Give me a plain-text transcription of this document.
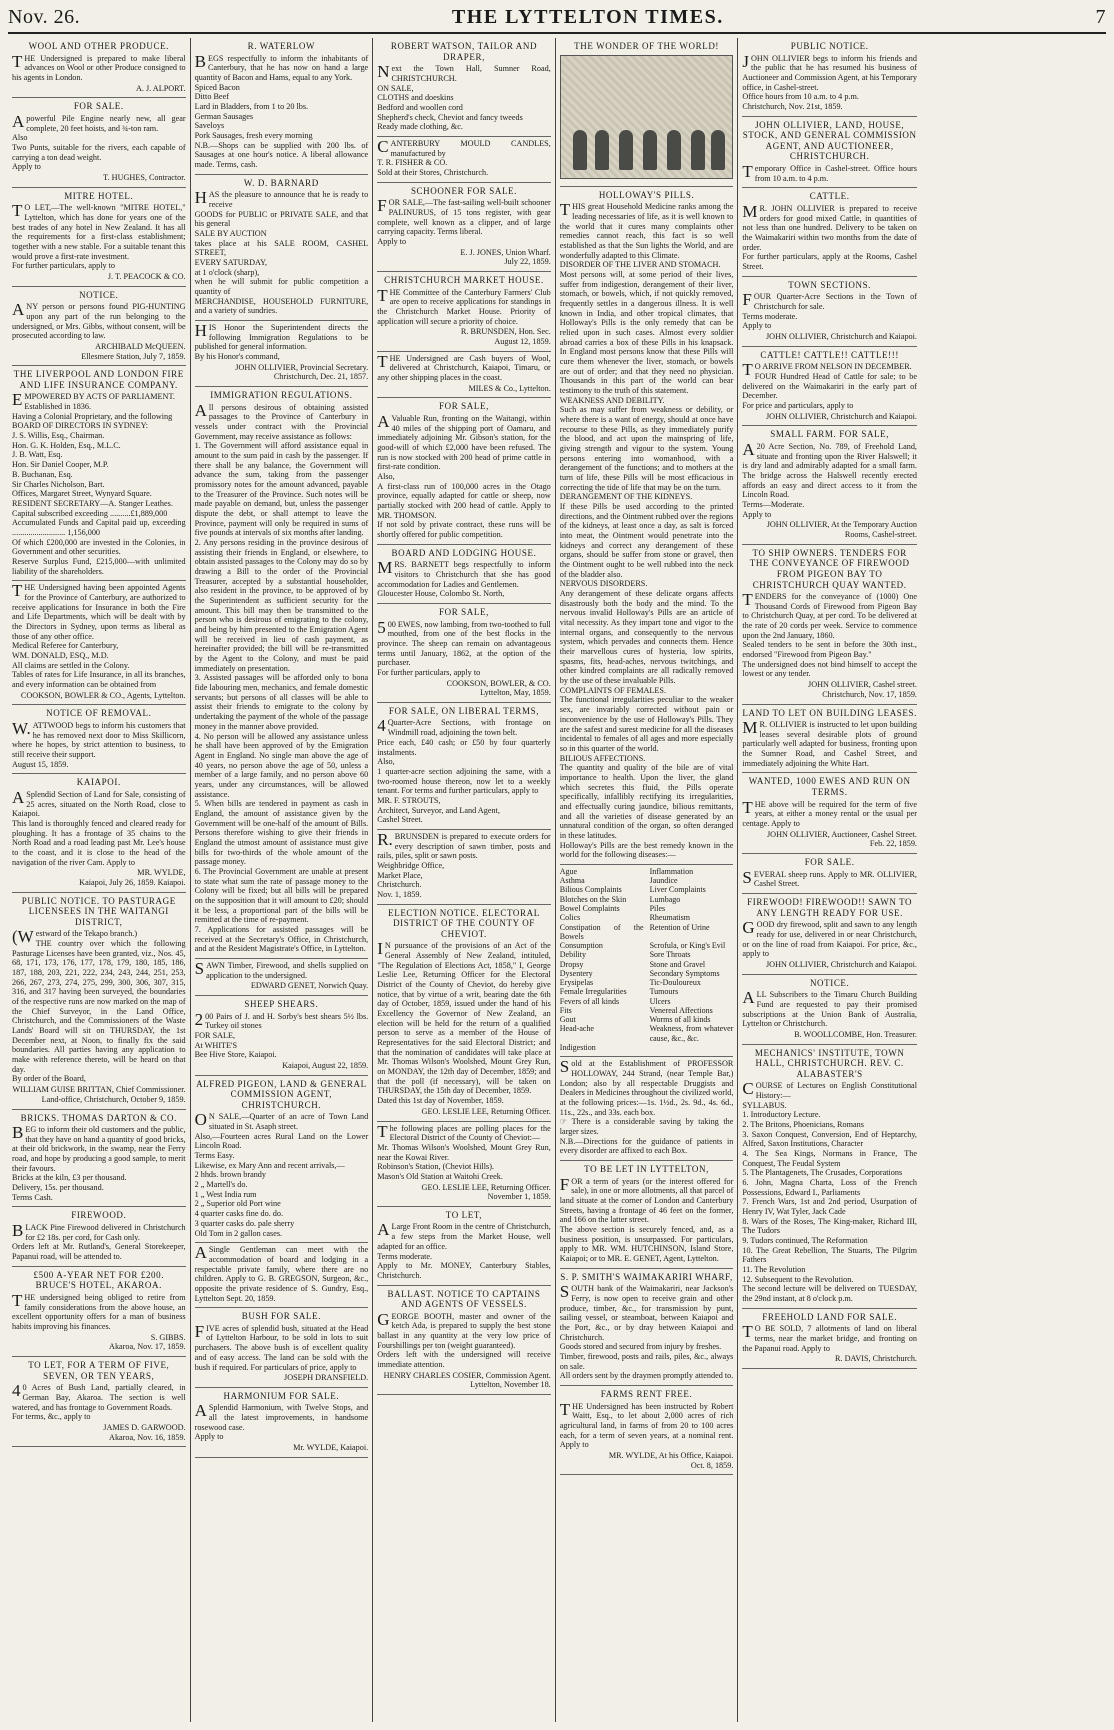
Nov. 26.	THE LYTTELTON TIMES.	7
WOOL AND OTHER PRODUCE.

THE Undersigned is prepared to make liberal advances on Wool or other Produce consigned to his agents in London.

A. J. ALPORT.

FOR SALE.

Apowerful Pile Engine nearly new, all gear complete, 20 feet hoists, and ¾-ton ram.
Also
Two Punts, suitable for the rivers, each capable of carrying a ton dead weight.
Apply to

T. HUGHES, Contractor.

MITRE HOTEL.

TO LET,—The well-known "MITRE HOTEL," Lyttelton, which has done for years one of the best trades of any hotel in New Zealand. It has all the requirements for a first-class establishment; together with a new stable. For a suitable tenant this would prove a first-rate investment.
For further particulars, apply to

J. T. PEACOCK & CO.

NOTICE.

ANY person or persons found PIG-HUNTING upon any part of the run belonging to the undersigned, or Mrs. Gibbs, without consent, will be prosecuted according to law.

ARCHIBALD McQUEEN.
Ellesmere Station, July 7, 1859.

THE LIVERPOOL AND LONDON FIRE AND LIFE INSURANCE COMPANY.

EMPOWERED BY ACTS OF PARLIAMENT.
Established in 1836.
Having a Colonial Proprietary, and the following
BOARD OF DIRECTORS IN SYDNEY:
J. S. Willis, Esq., Chairman.
Hon. G. K. Holden, Esq., M.L.C.
J. B. Watt, Esq.
Hon. Sir Daniel Cooper, M.P.
B. Buchanan, Esq.
Sir Charles Nicholson, Bart.
Offices, Margaret Street, Wynyard Square.
RESIDENT SECRETARY—A. Stanger Leathes.
Capital subscribed exceeding ..........£1,889,000
Accumulated Funds and Capital paid up, exceeding .......................... 1,156,000
Of which £200,000 are invested in the Colonies, in Government and other securities.
Reserve Surplus Fund, £215,000—with unlimited liability of the shareholders.

THE Undersigned having been appointed Agents for the Province of Canterbury, are authorized to receive applications for Insurance in both the Fire and Life Departments, which will be dealt with by the Directors in Sydney, upon terms as liberal as those of any other office.
Medical Referee for Canterbury,
WM. DONALD, ESQ., M.D.
All claims are settled in the Colony.
Tables of rates for Life Insurance, in all its branches, and every information can be obtained from

COOKSON, BOWLER & CO., Agents, Lyttelton.

NOTICE OF REMOVAL.

W.ATTWOOD begs to inform his customers that he has removed next door to Miss Skillicorn, where he hopes, by strict attention to business, to still receive their support.
August 15, 1859.

KAIAPOI.

ASplendid Section of Land for Sale, consisting of 25 acres, situated on the North Road, close to Kaiapoi.
This land is thoroughly fenced and cleared ready for ploughing. It has a frontage of 35 chains to the North Road and a road leading past Mr. Lee's house to the coast, and it is close to the head of the navigation of the river Cam. Apply to

MR. WYLDE,
Kaiapoi, July 26, 1859. Kaiapoi.

PUBLIC NOTICE. TO PASTURAGE LICENSEES IN THE WAITANGI DISTRICT,

(Westward of the Tekapo branch.)
THE country over which the following Pasturage Licenses have been granted, viz., Nos. 45, 68, 171, 173, 176, 177, 178, 179, 180, 185, 186, 187, 188, 203, 221, 222, 234, 243, 244, 251, 253, 266, 267, 273, 274, 275, 299, 300, 306, 307, 315, 316, and 317 having been surveyed, the boundaries of the respective runs are now marked on the map of the Chief Surveyor, in the Land Office, Christchurch, and the Commissioners of the Waste Lands' Board will sit on THURSDAY, the 1st December next, at Noon, to finally fix the said boundaries. All parties having any application to make with reference thereto, will be heard on that day.
By order of the Board,

WILLIAM GUISE BRITTAN, Chief Commissioner.
Land-office, Christchurch, October 9, 1859.

BRICKS. THOMAS DARTON & CO.

BEG to inform their old customers and the public, that they have on hand a quantity of good bricks, at their old brickwork, in the swamp, near the Ferry road, and hope by producing a good sample, to merit their favours.
Bricks at the kiln, £3 per thousand.
Delivery, 15s. per thousand.
Terms Cash.

FIREWOOD.

BLACK Pine Firewood delivered in Christchurch for £2 18s. per cord, for Cash only.
Orders left at Mr. Rutland's, General Storekeeper, Papanui road, will be attended to.

£500 A-YEAR NET FOR £200. BRUCE'S HOTEL, AKAROA.

THE undersigned being obliged to retire from family considerations from the above house, an excellent opportunity offers for a man of business habits improving his finances.

S. GIBBS.
Akaroa, Nov. 17, 1859.

TO LET, FOR A TERM OF FIVE, SEVEN, OR TEN YEARS,

40 Acres of Bush Land, partially cleared, in German Bay, Akaroa. The section is well watered, and has frontage to Government Roads.
For terms, &c., apply to

JAMES D. GARWOOD.
Akaroa, Nov. 16, 1859.

R. WATERLOW

BEGS respectfully to inform the inhabitants of Canterbury, that he has now on hand a large quantity of Bacon and Hams, equal to any York.
Spiced Bacon
Ditto Beef
Lard in Bladders, from 1 to 20 lbs.
German Sausages
Saveloys
Pork Sausages, fresh every morning
N.B.—Shops can be supplied with 200 lbs. of Sausages at one hour's notice. A liberal allowance made. Terms, cash.

W. D. BARNARD

HAS the pleasure to announce that he is ready to receive
GOODS for PUBLIC or PRIVATE SALE, and that his general
SALE BY AUCTION
takes place at his SALE ROOM, CASHEL STREET,
EVERY SATURDAY,
at 1 o'clock (sharp),
when he will submit for public competition a quantity of
MERCHANDISE, HOUSEHOLD FURNITURE, and a variety of sundries.

HIS Honor the Superintendent directs the following Immigration Regulations to be published for general information.
By his Honor's command,

JOHN OLLIVIER, Provincial Secretary.
Christchurch, Dec. 21, 1857.

IMMIGRATION REGULATIONS.

All persons desirous of obtaining assisted passages to the Province of Canterbury in vessels under contract with the Provincial Government, may receive assistance as follows:
1. The Government will afford assistance equal in amount to the sum paid in cash by the passenger. If there shall be any balance, the Government will advance the sum, taking from the passenger promissory notes for the amount advanced, payable to the Treasurer of the Province. Such notes will be made payable on demand, but, unless the passenger dispute the debt, or shall attempt to leave the Province, payment will only be required in sums of five pounds at intervals of six months after landing.
2. Any persons residing in the province desirous of assisting their friends in England, or elsewhere, to obtain assisted passages to the Colony may do so by drawing a Bill to the order of the Provincial Treasurer, accepted by a substantial householder, also resident in the province, to be approved of by the Superintendent as sufficient security for the amount. This bill may then be transmitted to the person who is desirous of emigrating to the colony, and being by him presented to the Emigration Agent will be received in lieu of cash payment, as hereinafter provided; the bill will be re-transmitted by the Agent to the Colony, and must be paid immediately on presentation.
3. Assisted passages will be afforded only to bona fide labouring men, mechanics, and female domestic servants; but persons of all classes will be able to assist their friends to emigrate to the colony by undertaking the payment of the whole of the passage money in the manner above provided.
4. No person will be allowed any assistance unless he shall have been approved of by the Emigration Agent in England. No single man above the age of 40 years, no person above the age of 50, unless a member of a large family, and no person above 60 years, under any circumstances, will be allowed assistance.
5. When bills are tendered in payment as cash in England, the amount of assistance given by the Government will be one-half of the amount of Bills. Persons therefore wishing to give their friends in England the utmost amount of assistance must give bills for two-thirds of the whole amount of the passage money.
6. The Provincial Government are unable at present to state what sum the rate of passage money to the Colony will be fixed; but all bills will be prepared on the supposition that it will amount to £20; should it be less, a proportional part of the bills will be remitted at the time of re-payment.
7. Applications for assisted passages will be received at the Secretary's Office, in Christchurch, and at the Resident Magistrate's Office, in Lyttelton.

SAWN Timber, Firewood, and shells supplied on application to the undersigned.

EDWARD GENET, Norwich Quay.

SHEEP SHEARS.

200 Pairs of J. and H. Sorby's best shears 5½ lbs. Turkey oil stones
FOR SALE,
At WHITE'S
Bee Hive Store, Kaiapoi.

Kaiapoi, August 22, 1859.

ALFRED PIGEON, LAND & GENERAL COMMISSION AGENT, CHRISTCHURCH.

ON SALE,—Quarter of an acre of Town Land situated in St. Asaph street.
Also,—Fourteen acres Rural Land on the Lower Lincoln Road.
Terms Easy.
Likewise, ex Mary Ann and recent arrivals,—
2 hhds. brown brandy
2 „ Martell's do.
1 „ West India rum
2 „ Superior old Port wine
4 quarter casks fine do. do.
3 quarter casks do. pale sherry
Old Tom in 2 gallon cases.

ASingle Gentleman can meet with the accommodation of board and lodging in a respectable private family, where there are no children. Apply to G. B. GREGSON, Surgeon, &c., opposite the private residence of S. Gundry, Esq., Lyttelton Sept. 20, 1859.

BUSH FOR SALE.

FIVE acres of splendid bush, situated at the Head of Lyttelton Harbour, to be sold in lots to suit purchasers. The above bush is of excellent quality and of easy access. The land can be sold with the bush if required. For particulars of price, apply to

JOSEPH DRANSFIELD.

HARMONIUM FOR SALE.

ASplendid Harmonium, with Twelve Stops, and all the latest improvements, in handsome rosewood case.
Apply to

Mr. WYLDE, Kaiapoi.

ROBERT WATSON, TAILOR AND DRAPER,

Next the Town Hall, Sumner Road, CHRISTCHURCH.
ON SALE,
CLOTHS and doeskins
Bedford and woollen cord
Shepherd's check, Cheviot and fancy tweeds
Ready made clothing, &c.

CANTERBURY MOULD CANDLES, manufactured by
T. R. FISHER & CO.
Sold at their Stores, Christchurch.

SCHOONER FOR SALE.

FOR SALE,—The fast-sailing well-built schooner PALINURUS, of 15 tons register, with gear complete, well known as a clipper, and of large carrying capacity. Terms liberal.
Apply to

E. J. JONES, Union Wharf.
July 22, 1859.

CHRISTCHURCH MARKET HOUSE.

THE Committee of the Canterbury Farmers' Club are open to receive applications for standings in the Christchurch Market House. Priority of application will secure a priority of choice.

R. BRUNSDEN, Hon. Sec.
August 12, 1859.

THE Undersigned are Cash buyers of Wool, delivered at Christchurch, Kaiapoi, Timaru, or any other shipping places in the coast.

MILES & Co., Lyttelton.

FOR SALE,

AValuable Run, fronting on the Waitangi, within 40 miles of the shipping port of Oamaru, and immediately adjoining Mr. Gibson's station, for the good-will of which £2,000 have been refused. The run is now stocked with 200 head of prime cattle in first-rate condition.
Also,
A first-class run of 100,000 acres in the Otago province, equally adapted for cattle or sheep, now partially stocked with 200 head of cattle. Apply to MR. THOMSON.
If not sold by private contract, these runs will be shortly offered for public competition.

BOARD AND LODGING HOUSE.

MRS. BARNETT begs respectfully to inform visitors to Christchurch that she has good accommodation for Ladies and Gentlemen.
Gloucester House, Colombo St. North,

FOR SALE,

500 EWES, now lambing, from two-toothed to full mouthed, from one of the best flocks in the province. The sheep can remain on advantageous terms until January, 1862, at the option of the purchaser.
For further particulars, apply to

COOKSON, BOWLER, & CO.
Lyttelton, May, 1859.

FOR SALE, ON LIBERAL TERMS,

4Quarter-Acre Sections, with frontage on Windmill road, adjoining the town belt.
Price each, £40 cash; or £50 by four quarterly instalments.
Also,
1 quarter-acre section adjoining the same, with a two-roomed house thereon, now let to a weekly tenant. For terms and further particulars, apply to
MR. F. STROUTS,
Architect, Surveyor, and Land Agent,
Cashel Street.

R.BRUNSDEN is prepared to execute orders for every description of sawn timber, posts and rails, piles, split or sawn posts.
Weighbridge Office,
Market Place,
Christchurch.
Nov. 1, 1859.

ELECTION NOTICE. ELECTORAL DISTRICT OF THE COUNTY OF CHEVIOT.

IN pursuance of the provisions of an Act of the General Assembly of New Zealand, intituled, "The Regulation of Elections Act, 1858," I, George Leslie Lee, Returning Officer for the Electoral District of the County of Cheviot, do hereby give notice, that by virtue of a writ, bearing date the 6th day of October, 1859, issued under the hand of his Excellency the Governor of New Zealand, an election will be held for the return of a qualified person to serve as a member of the House of Representatives for the said Electoral District; and that the nomination of candidates will take place at Mr. Thomas Wilson's Woolshed, Mount Grey Run, on MONDAY, the 12th day of December, 1859; and that the poll (if necessary), will be taken on THURSDAY, the 15th day of December, 1859.
Dated this 1st day of November, 1859.

GEO. LESLIE LEE, Returning Officer.

The following places are polling places for the Electoral District of the County of Cheviot:—
Mr. Thomas Wilson's Woolshed, Mount Grey Run, near the Kowai River.
Robinson's Station, (Cheviot Hills).
Mason's Old Station at Waitohi Creek.

GEO. LESLIE LEE, Returning Officer.
November 1, 1859.

TO LET,

ALarge Front Room in the centre of Christchurch, a few steps from the Market House, well adapted for an office.
Terms moderate.
Apply to Mr. MONEY, Canterbury Stables, Christchurch.

BALLAST. NOTICE TO CAPTAINS AND AGENTS OF VESSELS.

GEORGE BOOTH, master and owner of the ketch Ada, is prepared to supply the best stone ballast in any quantity at the very low price of Fourshillings per ton (weight guaranteed).
Orders left with the undersigned will receive immediate attention.

HENRY CHARLES COSIER, Commission Agent.
Lyttelton, November 18.

THE WONDER OF THE WORLD!
HOLLOWAY'S PILLS.

THIS great Household Medicine ranks among the leading necessaries of life, as it is well known to the world that it cures many complaints other remedies cannot reach, this fact is so well established as that the Sun lights the World, and are wonderfully adapted to this Climate.
DISORDER OF THE LIVER AND STOMACH.
Most persons will, at some period of their lives, suffer from indigestion, derangement of their liver, stomach, or bowels, which, if not quickly removed, frequently settles in a dangerous illness. It is well known in India, and other tropical climates, that Holloway's Pills is the only remedy that can be relied upon in such cases. Almost every soldier abroad carries a box of these Pills in his knapsack. In England most persons know that these Pills will cure them whenever the liver, stomach, or bowels are out of order; and that they need no physician. Thousands in this part of the world can bear testimony to the truth of this statement.
WEAKNESS AND DEBILITY.
Such as may suffer from weakness or debility, or where there is a want of energy, should at once have recourse to these Pills, as they immediately purify the blood, and act upon the mainspring of life, giving strength and vigour to the system. Young persons entering into womanhood, with a derangement of the functions; and to mothers at the turn of life, these Pills will be most efficacious in correcting the tide of life that may be on the turn.
DERANGEMENT OF THE KIDNEYS.
If these Pills be used according to the printed directions, and the Ointment rubbed over the regions of the kidneys, at least once a day, as salt is forced into meat, the Ointment would penetrate into the kidneys and correct any derangement of these organs, should be suffer from stone or gravel, then the Ointment ought to be well rubbed into the neck of the bladder also.
NERVOUS DISORDERS.
Any derangement of these delicate organs affects disastrously both the body and the mind. To the nervous invalid Holloway's Pills are an article of vital necessity. As they impart tone and vigor to the internal organs, and consequently to the nervous system, which pervades and connects them. Hence their marvellous cures of hysteria, low spirits, spasms, fits, head-aches, nervous twitchings, and other kindred complaints are all radically removed by the use of these invaluable Pills.
COMPLAINTS OF FEMALES.
The functional irregularities peculiar to the weaker sex, are invariably corrected without pain or inconvenience by the use of Holloway's Pills. They are the safest and surest medicine for all the diseases incidental to females of all ages and more especially so in this quarter of the world.
BILIOUS AFFECTIONS.
The quantity and quality of the bile are of vital importance to health. Upon the liver, the gland which secretes this fluid, the Pills operate specifically, infallibly rectifying its irregularities, and effectually curing jaundice, bilious remittants, and all the varieties of disease generated by an unnatural condition of the organ, so often deranged in these latitudes.
Holloway's Pills are the best remedy known in the world for the following diseases:—

Ague	Inflammation
Asthma	Jaundice
Bilious Complaints	Liver Complaints
Blotches on the Skin	Lumbago
Bowel Complaints	Piles
Colics	Rheumatism
Constipation of the Bowels
Retention of Urine
Consumption	Scrofula, or King's Evil
Debility	Sore Throats
Dropsy	Stone and Gravel
Dysentery	Secondary Symptoms
Erysipelas	Tic-Douloureux
Female Irregularities	Tumours
Fevers of all kinds	Ulcers
Fits	Venereal Affections
Gout	Worms of all kinds
Head-ache	Weakness, from whatever cause, &c., &c.
Indigestion

Sold at the Establishment of PROFESSOR HOLLOWAY, 244 Strand, (near Temple Bar,) London; also by all respectable Druggists and Dealers in Medicines throughout the civilized world, at the following prices:—1s. 1½d., 2s. 9d., 4s. 6d., 11s., 22s., and 33s. each box.
☞ There is a considerable saving by taking the larger sizes.
N.B.—Directions for the guidance of patients in every disorder are affixed to each Box.

TO BE LET IN LYTTELTON,

FOR a term of years (or the interest offered for sale), in one or more allotments, all that parcel of land situate at the corner of London and Canterbury Streets, having a frontage of 46 feet on the former, and 166 on the latter street.
The above section is securely fenced, and, as a business position, is unsurpassed. For particulars, apply to MR. WM. HUTCHINSON, Island Store, Kaiapoi; or to MR. E. GENET, Agent, Lyttelton.

S. P. SMITH'S WAIMAKARIRI WHARF,

SOUTH bank of the Waimakariri, near Jackson's Ferry, is now open to receive grain and other produce, timber, &c., for transmission by punt, sailing vessel, or steamboat, between Kaiapoi and the Port, &c., or by dray between Kaiapoi and Christchurch.
Goods stored and secured from injury by freshes.
Timber, firewood, posts and rails, piles, &c., always on sale.
All orders sent by the draymen promptly attended to.

FARMS RENT FREE.

THE Undersigned has been instructed by Robert Waitt, Esq., to let about 2,000 acres of rich agricultural land, in farms of from 20 to 100 acres each, for a term of seven years, at a nominal rent. Apply to

MR. WYLDE, At his Office, Kaiapoi.
Oct. 8, 1859.

PUBLIC NOTICE.

JOHN OLLIVIER begs to inform his friends and the public that he has resumed his business of Auctioneer and Commission Agent, at his Temporary office, in Cashel-street.
Office hours from 10 a.m. to 4 p.m.
Christchurch, Nov. 21st, 1859.

JOHN OLLIVIER, LAND, HOUSE, STOCK, AND GENERAL COMMISSION AGENT, AND AUCTIONEER, CHRISTCHURCH.

Temporary Office in Cashel-street. Office hours from 10 a.m. to 4 p.m.

CATTLE.

MR. JOHN OLLIVIER is prepared to receive orders for good mixed Cattle, in quantities of not less than one hundred. Delivery to be taken on the Waimakariri within two months from the date of order.
For further particulars, apply at the Rooms, Cashel Street.

TOWN SECTIONS.

FOUR Quarter-Acre Sections in the Town of Christchurch for sale.
Terms moderate.
Apply to

JOHN OLLIVIER, Christchurch and Kaiapoi.

CATTLE! CATTLE!! CATTLE!!!

TO ARRIVE FROM NELSON IN DECEMBER.
FOUR Hundred Head of Cattle for sale; to be delivered on the Waimakariri in the early part of December.
For price and particulars, apply to

JOHN OLLIVIER, Christchurch and Kaiapoi.

SMALL FARM. FOR SALE,

A20 Acre Section, No. 789, of Freehold Land, situate and fronting upon the River Halswell; it is dry land and admirably adapted for a small farm. The bridge across the Halswell recently erected affords an easy and direct access to it from the Lincoln Road.
Terms—Moderate.
Apply to

JOHN OLLIVIER, At the Temporary Auction Rooms, Cashel-street.

TO SHIP OWNERS. TENDERS FOR THE CONVEYANCE OF FIREWOOD FROM PIGEON BAY TO CHRISTCHURCH QUAY WANTED.

TENDERS for the conveyance of (1000) One Thousand Cords of Firewood from Pigeon Bay to Christchurch Quay, at per cord. To be delivered at the rate of 20 cords per week. Service to commence upon the 2nd January, 1860.
Sealed tenders to be sent in before the 30th inst., endorsed "Firewood from Pigeon Bay."
The undersigned does not bind himself to accept the lowest or any tender.

JOHN OLLIVIER, Cashel street.
Christchurch, Nov. 17, 1859.

LAND TO LET ON BUILDING LEASES.

MR. OLLIVIER is instructed to let upon building leases several desirable plots of ground particularly well adapted for business, fronting upon the Sumner Road, and Cashel Street, and immediately adjoining the White Hart.

WANTED, 1000 EWES AND RUN ON TERMS.

THE above will be required for the term of five years, at either a money rental or the usual per centage. Apply to

JOHN OLLIVIER, Auctioneer, Cashel Street.
Feb. 22, 1859.

FOR SALE.

SEVERAL sheep runs. Apply to MR. OLLIVIER, Cashel Street.

FIREWOOD! FIREWOOD!! SAWN TO ANY LENGTH READY FOR USE.

GOOD dry firewood, split and sawn to any length ready for use, delivered in or near Christchurch, or on the line of road from Kaiapoi. For price, &c., apply to

JOHN OLLIVIER, Christchurch and Kaiapoi.

NOTICE.

ALL Subscribers to the Timaru Church Building Fund are requested to pay their promised subscriptions at the Union Bank of Australia, Lyttelton or Christchurch.

B. WOOLLCOMBE, Hon. Treasurer.

MECHANICS' INSTITUTE, TOWN HALL, CHRISTCHURCH. REV. C. ALABASTER'S

COURSE of Lectures on English Constitutional History:—
SYLLABUS.
1. Introductory Lecture.
2. The Britons, Phoenicians, Romans
3. Saxon Conquest, Conversion, End of Heptarchy, Alfred, Saxon Institutions, Character
4. The Sea Kings, Normans in France, The Conquest, The Feudal System
5. The Plantagenets, The Crusades, Corporations
6. John, Magna Charta, Loss of the French Possessions, Edward I., Parliaments
7. French Wars, 1st and 2nd period, Usurpation of Henry IV, Wat Tyler, Jack Cade
8. Wars of the Roses, The King-maker, Richard III, The Tudors
9. Tudors continued, The Reformation
10. The Great Rebellion, The Stuarts, The Pilgrim Fathers
11. The Revolution
12. Subsequent to the Revolution.
The second lecture will be delivered on TUESDAY, the 29nd instant, at 8 o'clock p.m.

FREEHOLD LAND FOR SALE.

TO BE SOLD, 7 allotments of land on liberal terms, near the market bridge, and fronting on the Papanui road. Apply to

R. DAVIS, Christchurch.
